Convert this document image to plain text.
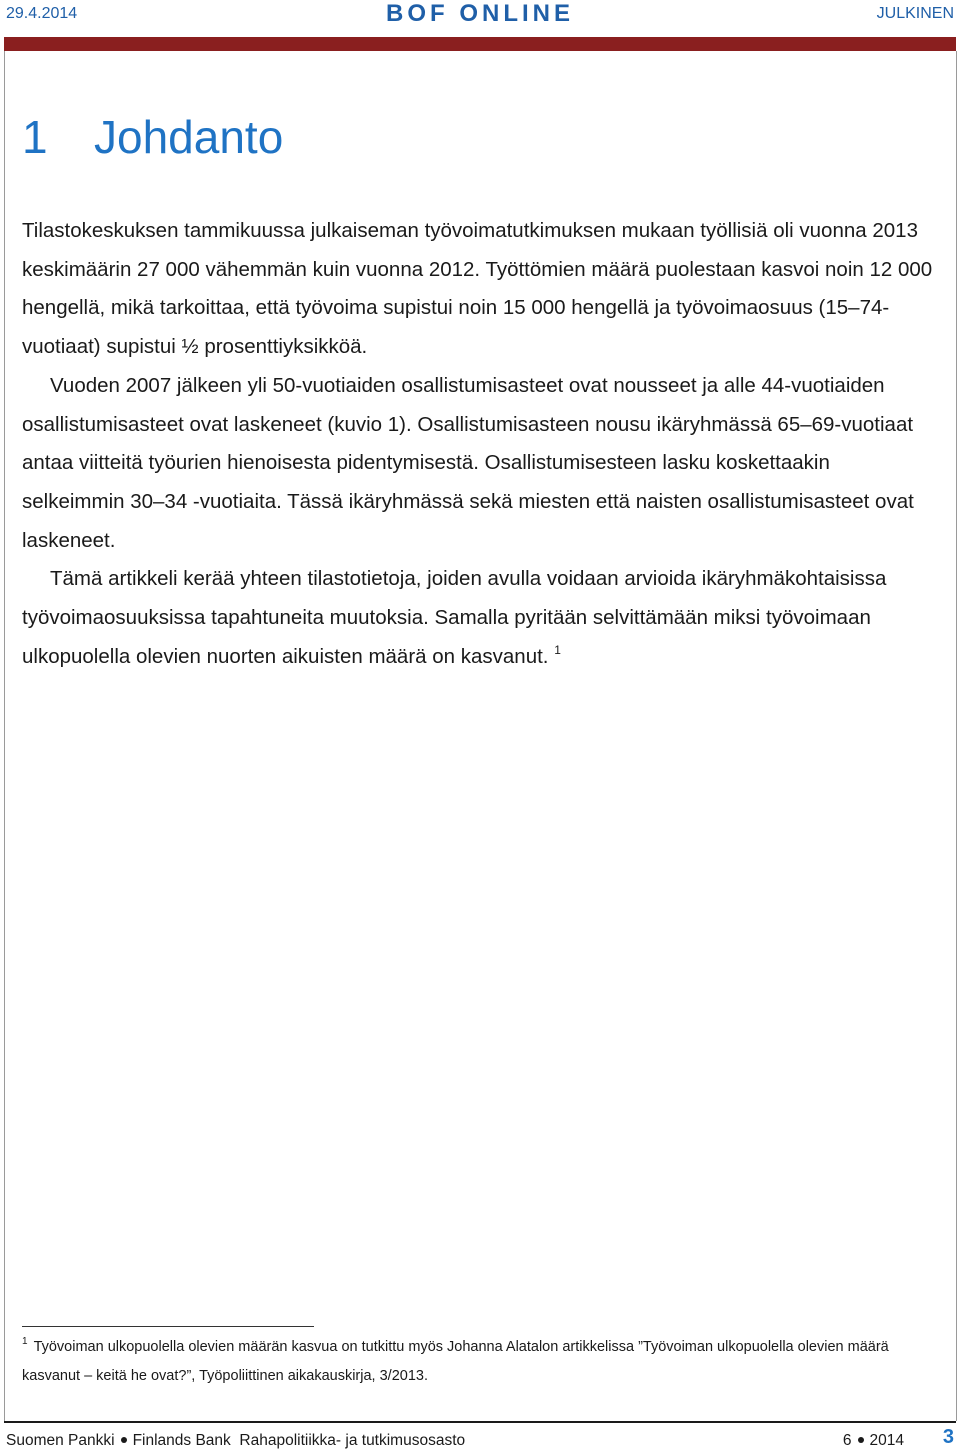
29.4.2014	BOF ONLINE	JULKINEN
1 Johdanto

Tilastokeskuksen tammikuussa julkaiseman työvoimatutkimuksen mukaan työllisiä oli vuonna 2013 keskimäärin 27 000 vähemmän kuin vuonna 2012. Työttömien määrä puolestaan kasvoi noin 12 000 hengellä, mikä tarkoittaa, että työvoima supistui noin 15 000 hengellä ja työvoimaosuus (15–74-vuotiaat) supistui ½ prosenttiyksikköä.

Vuoden 2007 jälkeen yli 50-vuotiaiden osallistumisasteet ovat nousseet ja alle 44-vuotiaiden osallistumisasteet ovat laskeneet (kuvio 1). Osallistumisasteen nousu ikäryhmässä 65–69-vuotiaat antaa viitteitä työurien hienoisesta pidentymisestä. Osallistumisesteen lasku koskettaakin selkeimmin 30–34 -vuotiaita. Tässä ikäryhmässä sekä miesten että naisten osallistumisasteet ovat laskeneet.

Tämä artikkeli kerää yhteen tilastotietoja, joiden avulla voidaan arvioida ikäryhmäkohtaisissa työvoimaosuuksissa tapahtuneita muutoksia. Samalla pyritään selvittämään miksi työvoimaan ulkopuolella olevien nuorten aikuisten määrä on kasvanut. $^1$

$^1$ Työvoiman ulkopuolella olevien määrän kasvua on tutkittu myös Johanna Alatalon artikkelissa ”Työvoiman ulkopuolella olevien määrä kasvanut – keitä he ovat?”, Työpoliittinen aikakauskirja, 3/2013.
Suomen Pankki Finlands Bank Rahapolitiikka- ja tutkimusosasto	6 2014 3
